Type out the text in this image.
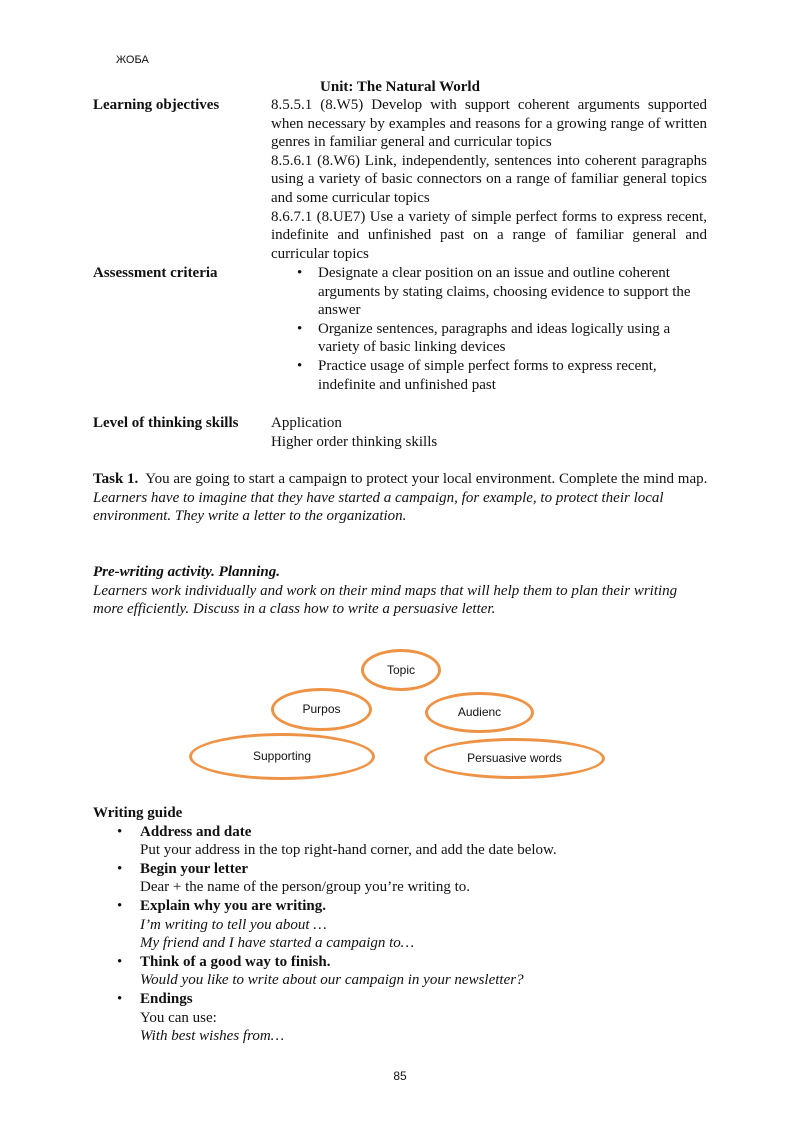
ЖОБА
Unit: The Natural World
Learning objectives	8.5.5.1 (8.W5) Develop with support coherent arguments supported when necessary by examples and reasons for a growing range of written genres in familiar general and curricular topics
8.5.6.1 (8.W6) Link, independently, sentences into coherent paragraphs using a variety of basic connectors on a range of familiar general topics and some curricular topics
8.6.7.1 (8.UE7) Use a variety of simple perfect forms to express recent, indefinite and unfinished past on a range of familiar general and curricular topics
Assessment criteria
•	Designate a clear position on an issue and outline coherent arguments by stating claims, choosing evidence to support the answer
• Organize sentences, paragraphs and ideas logically using a variety of basic linking devices
• Practice usage of simple perfect forms to express recent, indefinite and unfinished past
Level of thinking skills	Application
Higher order thinking skills

Task 1. You are going to start a campaign to protect your local environment. Complete the mind map.

Learners have to imagine that they have started a campaign, for example, to protect their local environment. They write a letter to the organization.

Pre-writing activity. Planning.
Learners work individually and work on their mind maps that will help them to plan their writing more efficiently. Discuss in a class how to write a persuasive letter.
Topic
Purpos	Audienc
Supporting	Persuasive words
Writing guide
• Address and date
Put your address in the top right-hand corner, and add the date below.
• Begin your letter
Dear + the name of the person/group you’re writing to.
• Explain why you are writing.
I’m writing to tell you about …
My friend and I have started a campaign to…
• Think of a good way to finish.
Would you like to write about our campaign in your newsletter?
• Endings
You can use:
With best wishes from…
85
